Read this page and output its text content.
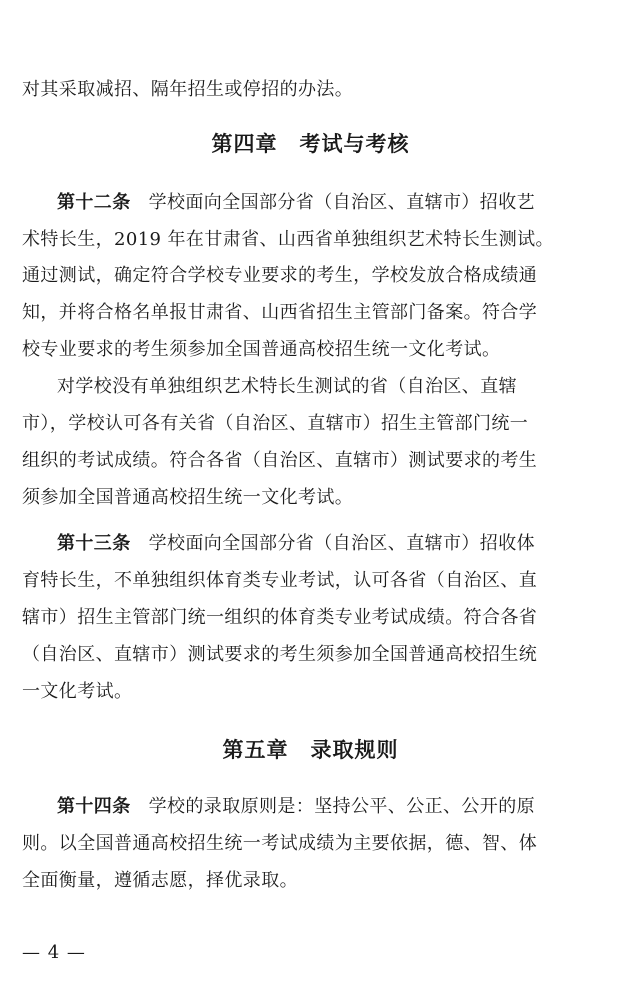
对其采取减招、隔年招生或停招的办法。
第四章 考试与考核
第十二条 学校面向全国部分省（自治区、直辖市）招收艺
术特长生，2019 年在甘肃省、山西省单独组织艺术特长生测试。
通过测试，确定符合学校专业要求的考生，学校发放合格成绩通
知，并将合格名单报甘肃省、山西省招生主管部门备案。符合学
校专业要求的考生须参加全国普通高校招生统一文化考试。
对学校没有单独组织艺术特长生测试的省（自治区、直辖
市），学校认可各有关省（自治区、直辖市）招生主管部门统一
组织的考试成绩。符合各省（自治区、直辖市）测试要求的考生
须参加全国普通高校招生统一文化考试。
第十三条 学校面向全国部分省（自治区、直辖市）招收体
育特长生，不单独组织体育类专业考试，认可各省（自治区、直
辖市）招生主管部门统一组织的体育类专业考试成绩。符合各省
（自治区、直辖市）测试要求的考生须参加全国普通高校招生统
一文化考试。
第五章 录取规则
第十四条 学校的录取原则是：坚持公平、公正、公开的原
则。以全国普通高校招生统一考试成绩为主要依据，德、智、体
全面衡量，遵循志愿，择优录取。
— 4 —
